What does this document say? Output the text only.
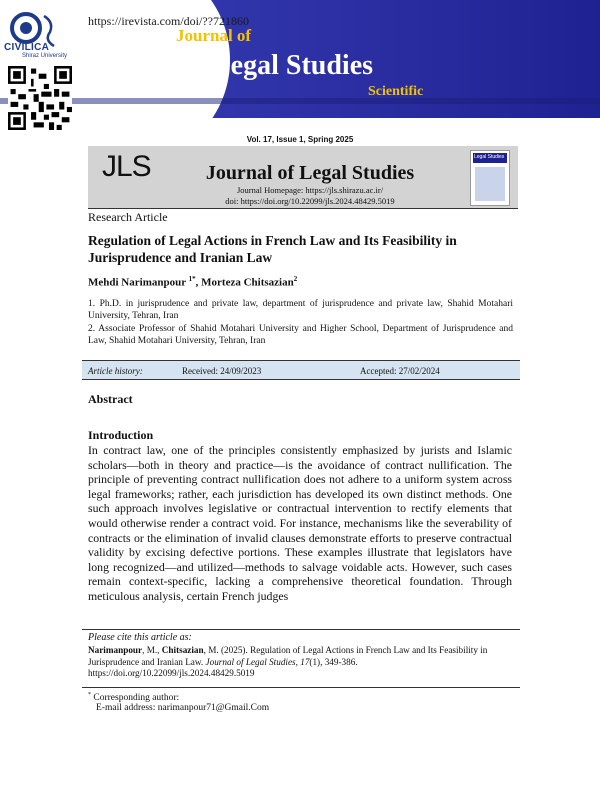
https://irevista.com/doi/??721860
Journal of
Legal Studies
Scientific
926
CIVILICA
Shiraz University
Vol. 17, Issue 1, Spring 2025
JLS	Journal of Legal Studies
Journal Homepage: https://jls.shirazu.ac.ir/
doi: https://doi.org/10.22099/jls.2024.48429.5019
Legal Studies
Research Article
Regulation of Legal Actions in French Law and Its Feasibility in Jurisprudence and Iranian Law
Mehdi Narimanpour $^{1*}$, Morteza Chitsazian$^2$
1. Ph.D. in jurisprudence and private law, department of jurisprudence and private law, Shahid Motahari University, Tehran, Iran
2. Associate Professor of Shahid Motahari University and Higher School, Department of Jurisprudence and Law, Shahid Motahari University, Tehran, Iran
Article history:	Received: 24/09/2023	Accepted: 27/02/2024
Abstract
Introduction
In contract law, one of the principles consistently emphasized by jurists and Islamic scholars—both in theory and practice—is the avoidance of contract nullification. The principle of preventing contract nullification does not adhere to a uniform system across legal frameworks; rather, each jurisdiction has developed its own distinct methods. One such approach involves legislative or contractual intervention to rectify elements that would otherwise render a contract void. For instance, mechanisms like the severability of contracts or the elimination of invalid clauses demonstrate efforts to preserve contractual validity by excising defective portions. These examples illustrate that legislators have long recognized—and utilized—methods to salvage voidable acts. However, such cases remain context-specific, lacking a comprehensive theoretical foundation. Through meticulous analysis, certain French judges
Please cite this article as:
Narimanpour, M., Chitsazian, M. (2025). Regulation of Legal Actions in French Law and Its Feasibility in Jurisprudence and Iranian Law. Journal of Legal Studies, 17(1), 349-386.
https://doi.org/10.22099/jls.2024.48429.5019
* Corresponding author:
E-mail address: narimanpour71@Gmail.Com
